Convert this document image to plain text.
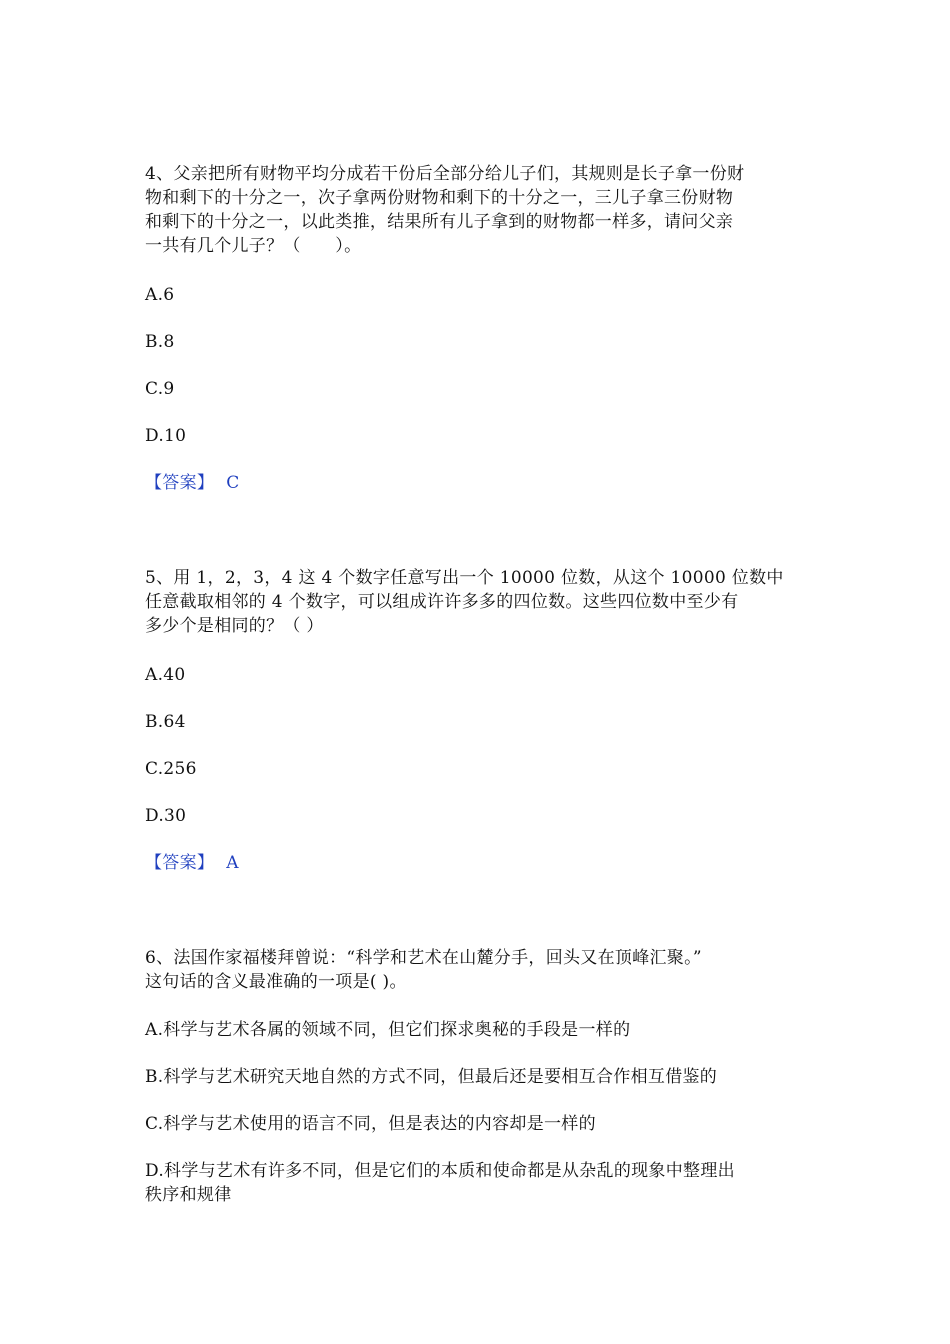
4、父亲把所有财物平均分成若干份后全部分给儿子们，其规则是长子拿一份财
物和剩下的十分之一，次子拿两份财物和剩下的十分之一，三儿子拿三份财物
和剩下的十分之一，以此类推，结果所有儿子拿到的财物都一样多，请问父亲
一共有几个儿子？（　　）。
A.6
B.8
C.9
D.10
【答案】 C
5、用 1，2，3，4 这 4 个数字任意写出一个 10000 位数，从这个 10000 位数中
任意截取相邻的 4 个数字，可以组成许许多多的四位数。这些四位数中至少有
多少个是相同的？（ ）
A.40
B.64
C.256
D.30
【答案】 A
6、法国作家福楼拜曾说：“科学和艺术在山麓分手，回头又在顶峰汇聚。”
这句话的含义最准确的一项是( )。
A.科学与艺术各属的领域不同，但它们探求奥秘的手段是一样的
B.科学与艺术研究天地自然的方式不同，但最后还是要相互合作相互借鉴的
C.科学与艺术使用的语言不同，但是表达的内容却是一样的
D.科学与艺术有许多不同，但是它们的本质和使命都是从杂乱的现象中整理出
秩序和规律
